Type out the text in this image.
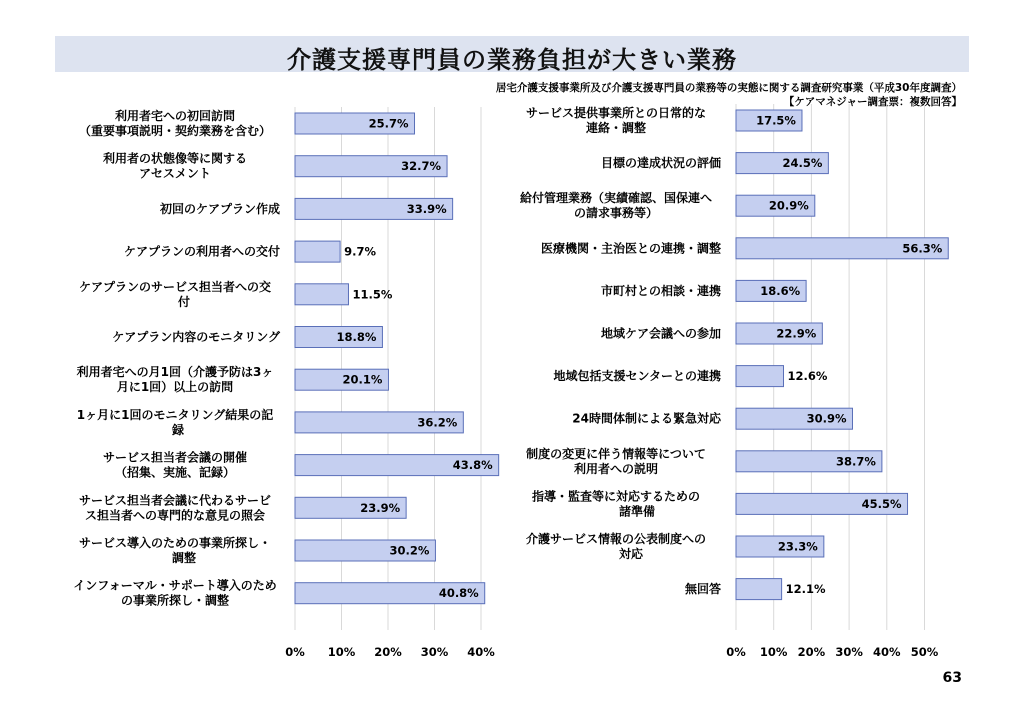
介護支援専門員の業務負担が大きい業務
居宅介護支援事業所及び介護支援専門員の業務等の実態に関する調査研究事業（平成30年度調査）
【ケアマネジャー調査票：複数回答】
0% 10% 20% 30% 40%
25.7%
利用者宅への初回訪問（重要事項説明・契約業務を含む）
32.7%
利用者の状態像等に関するアセスメント
33.9%
初回のケアプラン作成
9.7%
ケアプランの利用者への交付
11.5%
ケアプランのサービス担当者への交付
18.8%
ケアプラン内容のモニタリング
20.1%
利用者宅への月1回（介護予防は3ヶ月に1回）以上の訪問
36.2%
1ヶ月に1回のモニタリング結果の記録
43.8%
サービス担当者会議の開催（招集、実施、記録）
23.9%
サービス担当者会議に代わるサービス担当者への専門的な意見の照会
30.2%
サービス導入のための事業所探し・調整
40.8%
インフォーマル・サポート導入のための事業所探し・調整
0% 10% 20% 30% 40% 50%
17.5%
サービス提供事業所との日常的な連絡・調整
24.5%
目標の達成状況の評価
20.9%
給付管理業務（実績確認、国保連への請求事務等）
56.3%
医療機関・主治医との連携・調整
18.6%
市町村との相談・連携
22.9%
地域ケア会議への参加
12.6%
地域包括支援センターとの連携
30.9%
24時間体制による緊急対応
38.7%
制度の変更に伴う情報等について利用者への説明
45.5%
指導・監査等に対応するための諸準備
23.3%
介護サービス情報の公表制度への対応
12.1%
無回答
63
